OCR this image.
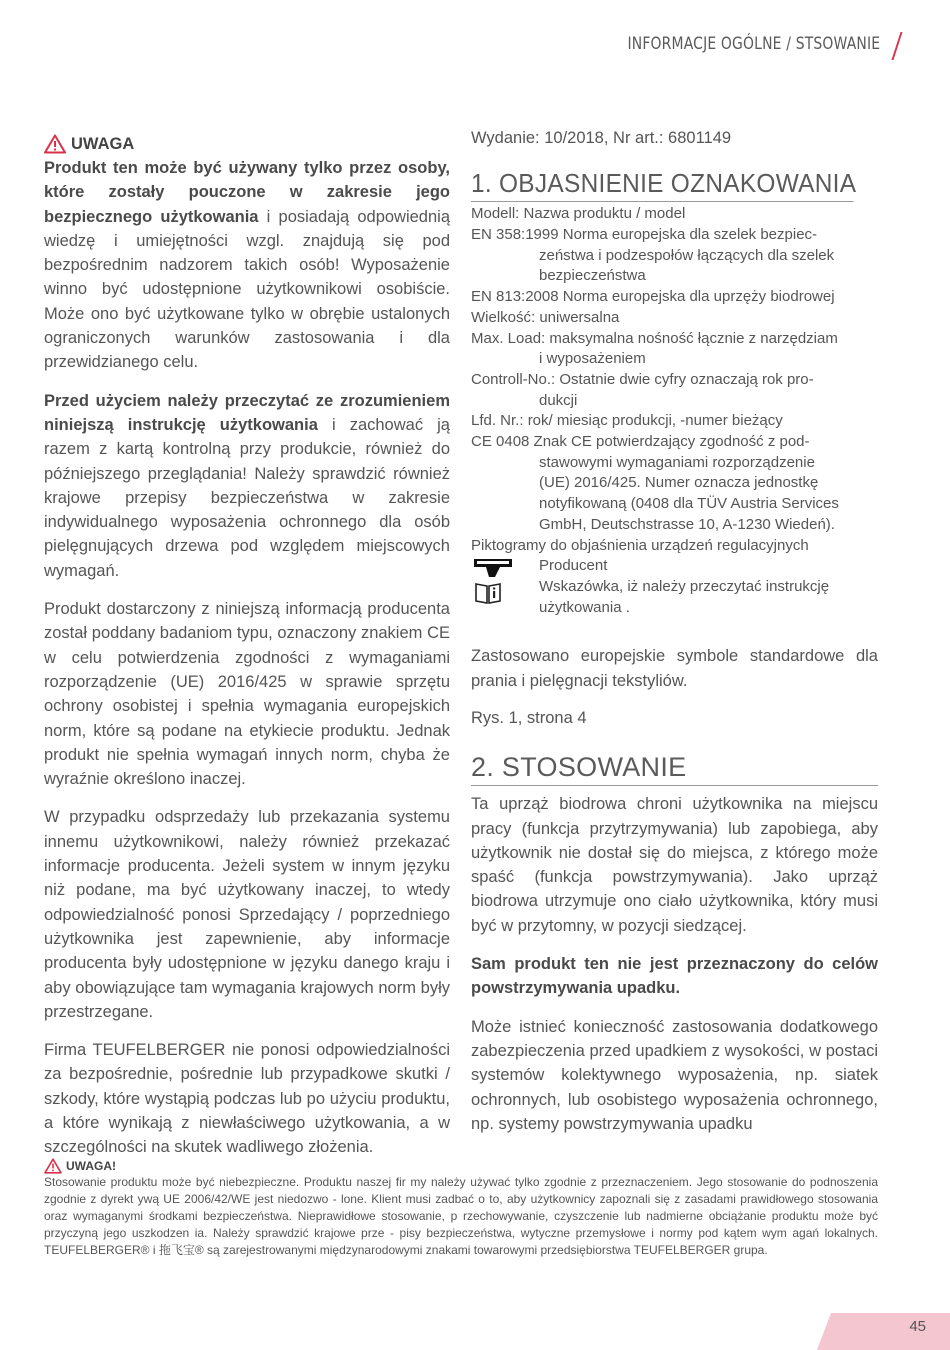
INFORMACJE OGÓLNE / STSOWANIE
UWAGA

Produkt ten może być używany tylko przez osoby, które zostały pouczone w zakresie jego bezpiecznego użytkowania i posiadają odpowiednią wiedzę i umiejętności wzgl. znajdują się pod bezpośrednim nadzorem takich osób! Wyposażenie winno być udostępnione użytkownikowi osobiście. Może ono być użytkowane tylko w obrębie ustalonych ograniczonych warunków zastosowania i dla przewidzianego celu.

Przed użyciem należy przeczytać ze zrozumieniem niniejszą instrukcję użytkowania i zachować ją razem z kartą kontrolną przy produkcie, również do późniejszego przeglądania! Należy sprawdzić również krajowe przepisy bezpieczeństwa w zakresie indywidualnego wyposażenia ochronnego dla osób pielęgnujących drzewa pod względem miejscowych wymagań.

Produkt dostarczony z niniejszą informacją producenta został poddany badaniom typu, oznaczony znakiem CE w celu potwierdzenia zgodności z wymaganiami rozporządzenie (UE) 2016/425 w sprawie sprzętu ochrony osobistej i spełnia wymagania europejskich norm, które są podane na etykiecie produktu. Jednak produkt nie spełnia wymagań innych norm, chyba że wyraźnie określono inaczej.

W przypadku odsprzedaży lub przekazania systemu innemu użytkownikowi, należy również przekazać informacje producenta. Jeżeli system w innym języku niż podane, ma być użytkowany inaczej, to wtedy odpowiedzialność ponosi Sprzedający / poprzedniego użytkownika jest zapewnienie, aby informacje producenta były udostępnione w języku danego kraju i aby obowiązujące tam wymagania krajowych norm były przestrzegane.

Firma TEUFELBERGER nie ponosi odpowiedzialności za bezpośrednie, pośrednie lub przypadkowe skutki / szkody, które wystąpią podczas lub po użyciu produktu, a które wynikają z niewłaściwego użytkowania, a w szczególności na skutek wadliwego złożenia.

Wydanie: 10/2018, Nr art.: 6801149

1. OBJASNIENIE OZNAKOWANIA
Modell: Nazwa produktu / model
EN 358:1999 Norma europejska dla szelek bezpiec-
zeństwa i podzespołów łączących dla szelek
bezpieczeństwa
EN 813:2008 Norma europejska dla uprzęży biodrowej
Wielkość: uniwersalna
Max. Load: maksymalna nośność łącznie z narzędziam
i wyposażeniem
Controll-No.: Ostatnie dwie cyfry oznaczają rok pro-
dukcji
Lfd. Nr.: rok/ miesiąc produkcji, -numer bieżący
CE 0408 Znak CE potwierdzający zgodność z pod-
stawowymi wymaganiami rozporządzenie
(UE) 2016/425. Numer oznacza jednostkę
notyfikowaną (0408 dla TÜV Austria Services
GmbH, Deutschstrasse 10, A-1230 Wiedeń).
Piktogramy do objaśnienia urządzeń regulacyjnych
Producent
Wskazówka, iż należy przeczytać instrukcję
użytkowania .

Zastosowano europejskie symbole standardowe dla prania i pielęgnacji tekstyliów.

Rys. 1, strona 4

2. STOSOWANIE

Ta uprząż biodrowa chroni użytkownika na miejscu pracy (funkcja przytrzymywania) lub zapobiega, aby użytkownik nie dostał się do miejsca, z którego może spaść (funkcja powstrzymywania). Jako uprząż biodrowa utrzymuje ono ciało użytkownika, który musi być w przytomny, w pozycji siedzącej.

Sam produkt ten nie jest przeznaczony do celów powstrzymywania upadku.

Może istnieć konieczność zastosowania dodatkowego zabezpieczenia przed upadkiem z wysokości, w postaci systemów kolektywnego wyposażenia, np. siatek ochronnych, lub osobistego wyposażenia ochronnego, np. systemy powstrzymywania upadku

UWAGA!

Stosowanie produktu może być niebezpieczne. Produktu naszej fir my należy używać tylko zgodnie z przeznaczeniem. Jego stosowanie do podnoszenia zgodnie z dyrekt ywą UE 2006/42/WE jest niedozwo - lone. Klient musi zadbać o to, aby użytkownicy zapoznali się z zasadami prawidłowego stosowania oraz wymaganymi środkami bezpieczeństwa. Nieprawidłowe stosowanie, p rzechowywanie, czyszczenie lub nadmierne obciążanie produktu może być przyczyną jego uszkodzen ia. Należy sprawdzić krajowe prze - pisy bezpieczeństwa, wytyczne przemysłowe i normy pod kątem wym agań lokalnych. TEUFELBERGER® i 拖飞宝® są zarejestrowanymi międzynarodowymi znakami towarowymi przedsiębiorstwa TEUFELBERGER grupa.

45
